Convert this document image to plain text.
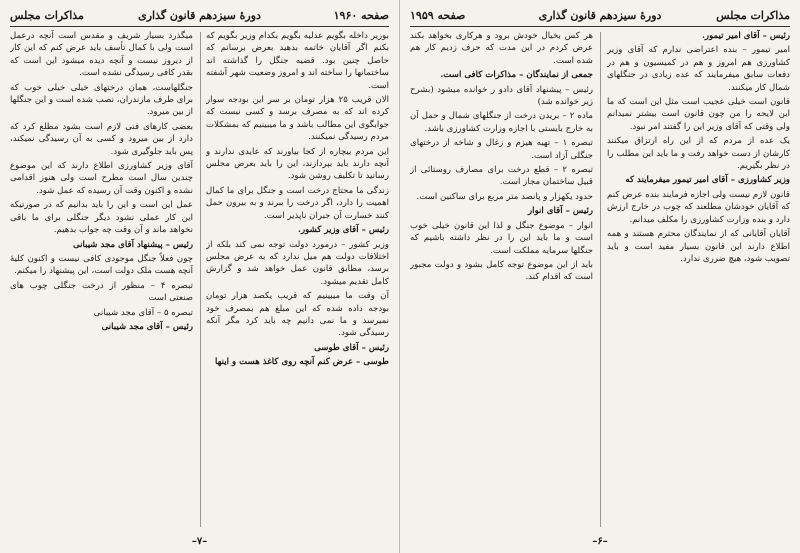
صفحه ۱۹۶۰
دورهٔ سیزدهم قانون گذاری
مذاکرات مجلس

بوزیر داخله بگویم عدلیه بگویم بکدام وزیر بگویم که بکنم اگر آقایان خاتمه بدهید بعرض برسانم که حاصل چنین بود. قضیه جنگل را گذاشته اند ساختمانها را ساخته اند و امروز وضعیت شهر آشفته است.

الان قریب ۲۵ هزار تومان بر سر این بودجه سوار کرده اند که به مصرف برسد و کسی نیست که جوابگوی این مطالب باشد و ما میبینیم که بمشکلات مردم رسیدگی نمیکنند.

این مردم بیچاره از کجا بیاورند که عایدی ندارند و آنچه دارند باید بپردازند، این را باید بعرض مجلس رسانید تا تکلیف روشن شود.

زندگی ما محتاج درخت است و جنگل برای ما کمال اهمیت را دارد، اگر درخت را ببرند و به بیرون حمل کنند خسارت آن جبران ناپذیر است.

رئیس – آقای وزیر کشور.

وزیر کشور – درمورد دولت توجه نمی کند بلکه از اختلافات دولت هم میل ندارد که به عرض مجلس برسد، مطابق قانون عمل خواهد شد و گزارش کامل تقدیم میشود.

آن وقت ما میبینیم که قریب یکصد هزار تومان بودجه داده شده که این مبلغ هم بمصرف خود نمیرسد و ما نمی دانیم چه باید کرد مگر آنکه رسیدگی شود.

رئیس – آقای طوسی

طوسی – عرض کنم آنچه روی کاغذ هست و اینها

میگذرد بسیار شریف و مقدس است آنچه درعمل است ولی با کمال تأسف باید عرض کنم که این کار از دیروز نیست و آنچه دیده میشود این است که بقدر کافی رسیدگی نشده است.

جنگلهاست، همان درختهای خیلی خیلی خوب که برای طرف مازندران، نصب شده است و این جنگلها از بین میرود.

بعضی کارهای فنی لازم است بشود مطلع کرد که دارد از بین میرود و کسی به آن رسیدگی نمیکند، پس باید جلوگیری شود.

آقای وزیر کشاورزی اطلاع دارند که این موضوع چندین سال است مطرح است ولی هنوز اقدامی نشده و اکنون وقت آن رسیده که عمل شود.

عمل این است و این را باید بدانیم که در صورتیکه این کار عملی نشود دیگر جنگلی برای ما باقی نخواهد ماند و آن وقت چه جواب بدهیم.

رئیس – پیشنهاد آقای مجد شیبانی

چون فعلاً جنگل موجودی کافی نیست و اکنون کلیهٔ آنچه هست ملک دولت است، این پیشنهاد را میکنم.

تبصره ۴ – منظور از درخت جنگلی چوب های صنعتی است

تبصره ۵ – آقای مجد شیبانی

رئیس – آقای مجد شیبانی

–۷–
صفحه ۱۹۵۹	دورهٔ سیزدهم قانون گذاری	مذاکرات مجلس

رئیس – آقای امیر تیمور.

امیر تیمور – بنده اعتراضی ندارم که آقای وزیر کشاورزی هم امروز و هم در کمیسیون و هم در دفعات سابق میفرمایند که عده زیادی در جنگلهای شمال کار میکنند.

قانون است خیلی عجیب است مثل این است که ما این لایحه را من چون قانون است بیشتر نمیدانم ولی وقتی که آقای وزیر این را گفتند امر نبود.

یک عده از مردم که از این راه ارتزاق میکنند کارشان از دست خواهد رفت و ما باید این مطلب را در نظر بگیریم.

وزیر کشاورزی – آقای امیر تیمور میفرمایند که

قانون لازم نیست ولی اجازه فرمایند بنده عرض کنم که آقایان خودشان مطلعند که چوب در خارج ارزش دارد و بنده وزارت کشاورزی را مکلف میدانم.

آقایان آقایانی که از نمایندگان محترم هستند و همه اطلاع دارند این قانون بسیار مفید است و باید تصویب شود، هیچ ضرری ندارد.

هر کس بخیال خودش برود و هرکاری بخواهد بکند عرض کردم در این مدت که حرف زدیم کار هم شده است.

جمعی از نمایندگان – مذاکرات کافی است.

رئیس – پیشنهاد آقای دادو ر خوانده میشود (بشرح زیر خوانده شد)

ماده ۲ – بریدن درخت از جنگلهای شمال و حمل آن به خارج بایستی با اجازه وزارت کشاورزی باشد.

تبصره ۱ – تهیه هیزم و زغال و شاخه از درختهای جنگلی آزاد است.

تبصره ۲ – قطع درخت برای مصارف روستائی از قبیل ساختمان مجاز است.

حدود یکهزار و پانصد متر مربع برای ساکنین است.

رئیس – آقای انوار

انوار – موضوع جنگل و لذا این قانون خیلی خوب است و ما باید این را در نظر داشته باشیم که جنگلها سرمایه مملکت است.

باید از این موضوع توجه کامل بشود و دولت مجبور است که اقدام کند.

–۶–
